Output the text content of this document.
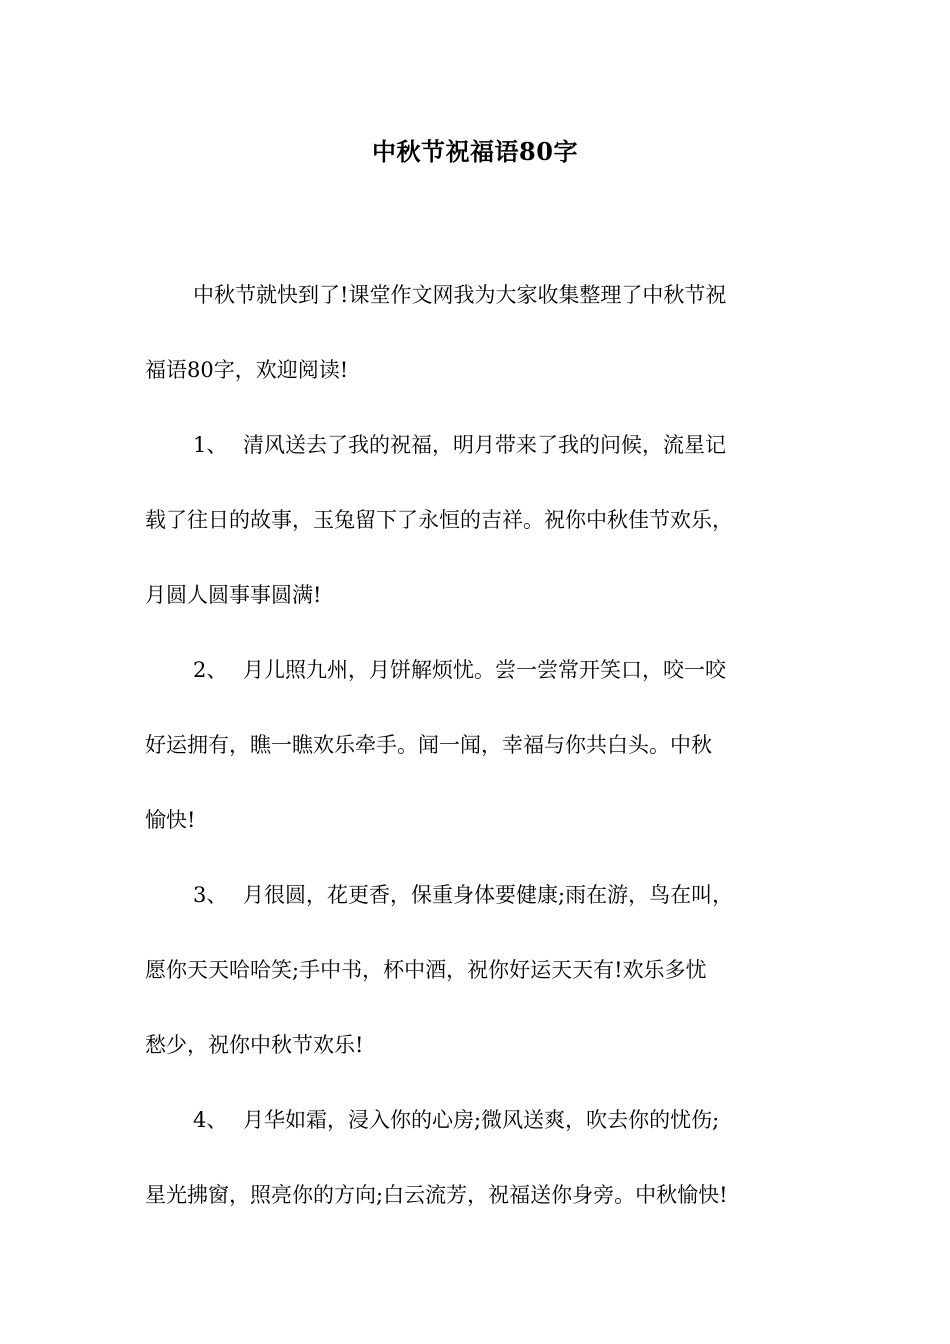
中秋节祝福语80字
中秋节就快到了!课堂作文网我为大家收集整理了中秋节祝
福语80字，欢迎阅读!
1、 清风送去了我的祝福，明月带来了我的问候，流星记
载了往日的故事，玉兔留下了永恒的吉祥。祝你中秋佳节欢乐，
月圆人圆事事圆满!
2、 月儿照九州，月饼解烦忧。尝一尝常开笑口，咬一咬
好运拥有，瞧一瞧欢乐牵手。闻一闻，幸福与你共白头。中秋
愉快!
3、 月很圆，花更香，保重身体要健康;雨在游，鸟在叫，
愿你天天哈哈笑;手中书，杯中酒，祝你好运天天有!欢乐多忧
愁少，祝你中秋节欢乐!
4、 月华如霜，浸入你的心房;微风送爽，吹去你的忧伤;
星光拂窗，照亮你的方向;白云流芳，祝福送你身旁。中秋愉快!
